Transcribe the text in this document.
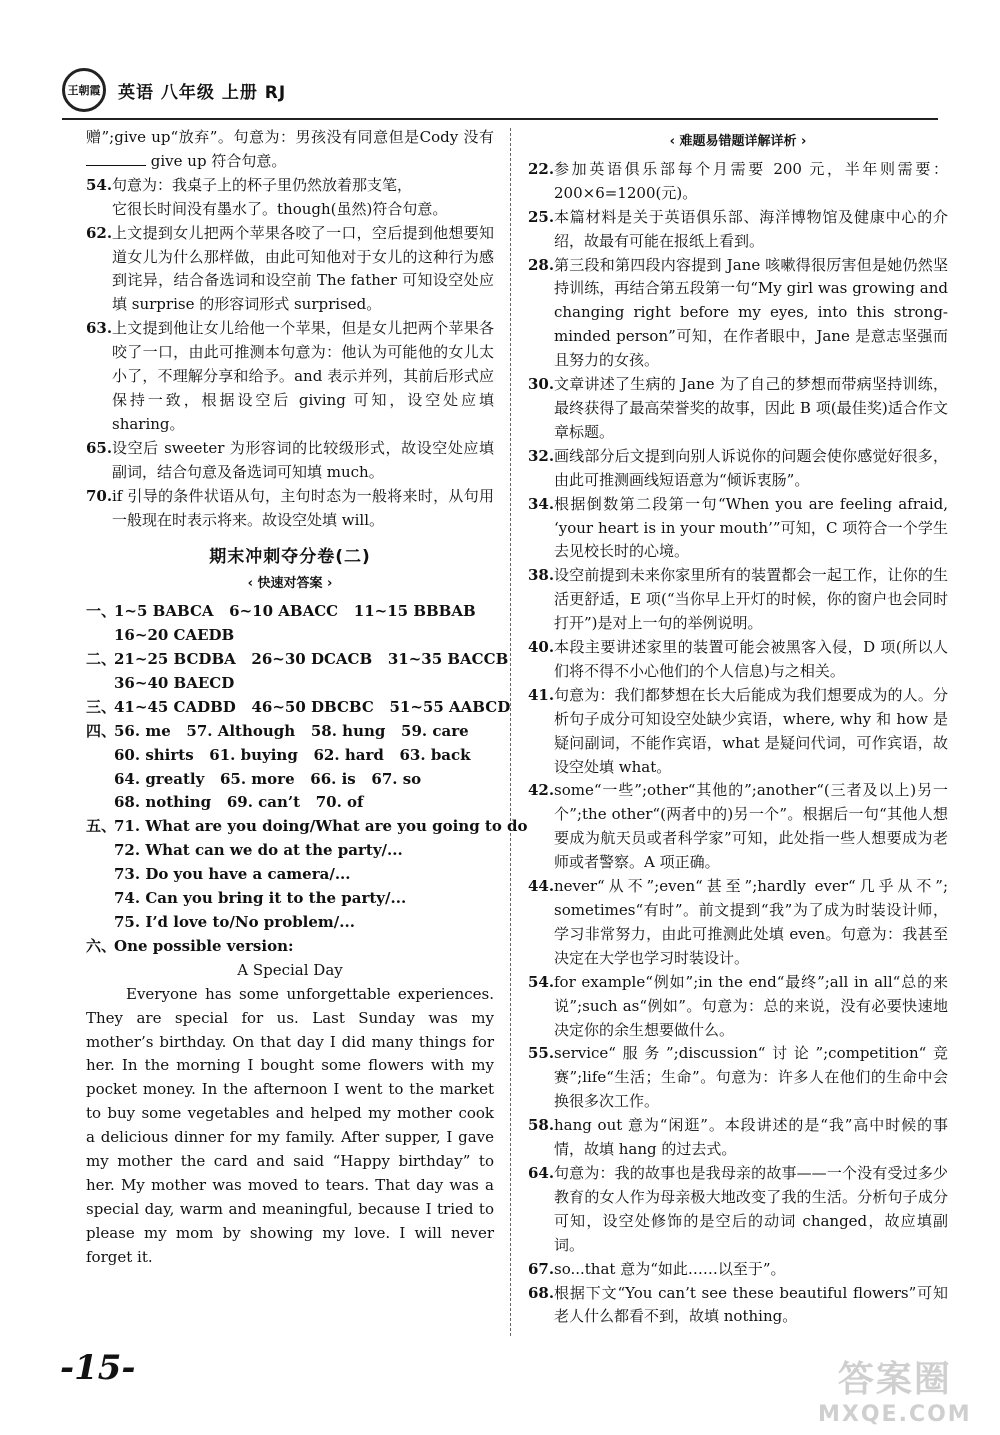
王朝霞	英语 八年级 上册 RJ
赠”;give up“放弃”。句意为：男孩没有同意但是Cody 没有  give up 符合句意。
54. 句意为：我桌子上的杯子里仍然放着那支笔，
它很长时间没有墨水了。though(虽然)符合句意。
62. 上文提到女儿把两个苹果各咬了一口，空后提到他想要知道女儿为什么那样做，由此可知他对于女儿的这种行为感到诧异，结合备选词和设空前 The father 可知设空处应填 surprise 的形容词形式 surprised。
63. 上文提到他让女儿给他一个苹果，但是女儿把两个苹果各咬了一口，由此可推测本句意为：他认为可能他的女儿太小了，不理解分享和给予。and 表示并列，其前后形式应保持一致，根据设空后 giving 可知，设空处应填 sharing。
65. 设空后 sweeter 为形容词的比较级形式，故设空处应填副词，结合句意及备选词可知填 much。
70. if 引导的条件状语从句，主句时态为一般将来时，从句用一般现在时表示将来。故设空处填 will。
期末冲刺夺分卷(二)
‹ 快速对答案 ›
一、
1~5 BABCA   6~10 ABACC   11~15 BBBAB
16~20 CAEDB
二、
21~25 BCDBA   26~30 DCACB   31~35 BACCB
36~40 BAECD
三、
41~45 CADBD   46~50 DBCBC   51~55 AABCD
四、
56. me   57. Although   58. hung   59. care
60. shirts   61. buying   62. hard   63. back
64. greatly   65. more   66. is   67. so
68. nothing   69. can’t   70. of
五、
71. What are you doing/What are you going to do
72. What can we do at the party/...
73. Do you have a camera/...
74. Can you bring it to the party/...
75. I’d love to/No problem/...
六、
One possible version:
A Special Day
Everyone has some unforgettable experiences. They are special for us. Last Sunday was my mother’s birthday. On that day I did many things for her. In the morning I bought some flowers with my pocket money. In the afternoon I went to the market to buy some vegetables and helped my mother cook a delicious dinner for my family. After supper, I gave my mother the card and said “Happy birthday” to her. My mother was moved to tears. That day was a special day, warm and meaningful, because I tried to please my mom by showing my love. I will never forget it.
‹ 难题易错题详解详析 ›
22. 参加英语俱乐部每个月需要 200 元，半年则需要：200×6=1200(元)。
25. 本篇材料是关于英语俱乐部、海洋博物馆及健康中心的介绍，故最有可能在报纸上看到。
28. 第三段和第四段内容提到 Jane 咳嗽得很厉害但是她仍然坚持训练，再结合第五段第一句“My girl was growing and changing right before my eyes, into this strong-minded person”可知，在作者眼中，Jane 是意志坚强而且努力的女孩。
30. 文章讲述了生病的 Jane 为了自己的梦想而带病坚持训练，最终获得了最高荣誉奖的故事，因此 B 项(最佳奖)适合作文章标题。
32. 画线部分后文提到向别人诉说你的问题会使你感觉好很多，由此可推测画线短语意为“倾诉衷肠”。
34. 根据倒数第二段第一句“When you are feeling afraid, ‘your heart is in your mouth’”可知，C 项符合一个学生去见校长时的心境。
38. 设空前提到未来你家里所有的装置都会一起工作，让你的生活更舒适，E 项(“当你早上开灯的时候，你的窗户也会同时打开”)是对上一句的举例说明。
40. 本段主要讲述家里的装置可能会被黑客入侵，D 项(所以人们将不得不小心他们的个人信息)与之相关。
41. 句意为：我们都梦想在长大后能成为我们想要成为的人。分析句子成分可知设空处缺少宾语，where, why 和 how 是疑问副词，不能作宾语，what 是疑问代词，可作宾语，故设空处填 what。
42. some“一些”;other“其他的”;another“(三者及以上)另一个”;the other“(两者中的)另一个”。根据后一句“其他人想要成为航天员或者科学家”可知，此处指一些人想要成为老师或者警察。A 项正确。
44. never“从不”;even“甚至”;hardly ever“几乎从不”; sometimes“有时”。前文提到“我”为了成为时装设计师，学习非常努力，由此可推测此处填 even。句意为：我甚至决定在大学也学习时装设计。
54. for example“例如”;in the end“最终”;all in all“总的来说”;such as“例如”。句意为：总的来说，没有必要快速地决定你的余生想要做什么。
55. service“服务”;discussion“讨论”;competition“竞赛”;life“生活；生命”。句意为：许多人在他们的生命中会换很多次工作。
58. hang out 意为“闲逛”。本段讲述的是“我”高中时候的事情，故填 hang 的过去式。
64. 句意为：我的故事也是我母亲的故事——一个没有受过多少教育的女人作为母亲极大地改变了我的生活。分析句子成分可知，设空处修饰的是空后的动词 changed，故应填副词。
67. so...that 意为“如此……以至于”。
68. 根据下文“You can’t see these beautiful flowers”可知老人什么都看不到，故填 nothing。
-15-	答案圈
MXQE.COM
